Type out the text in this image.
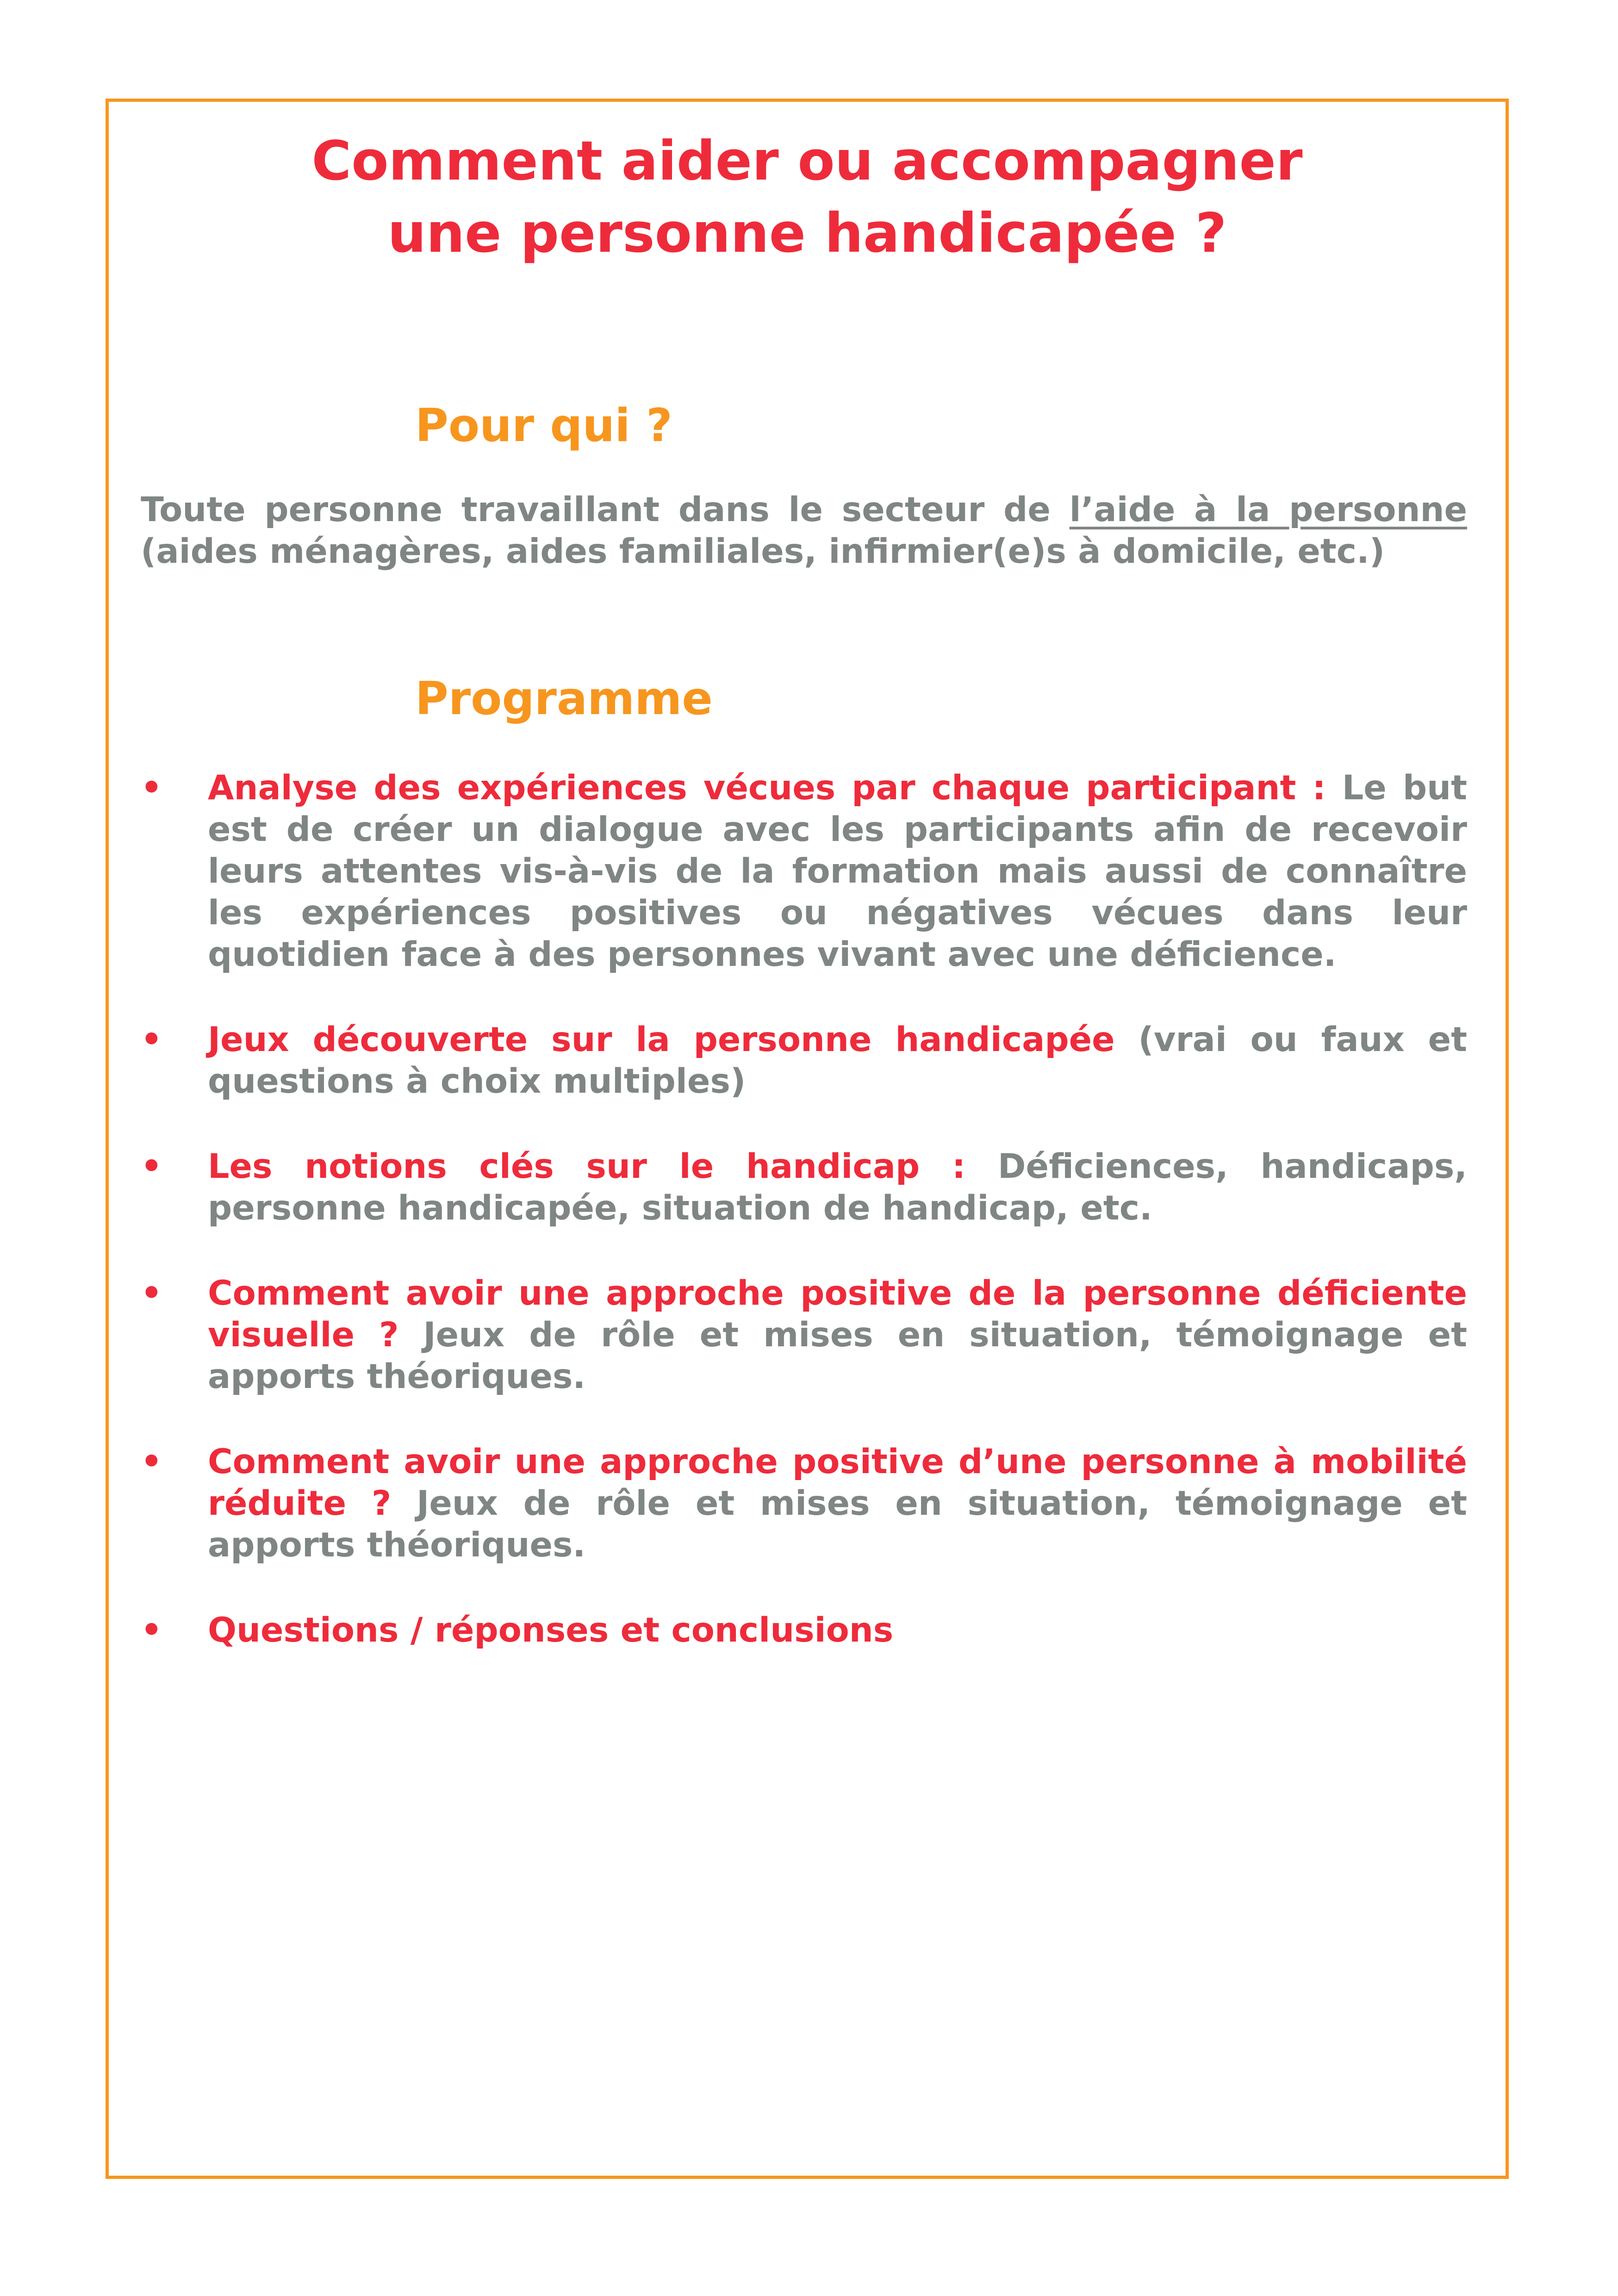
Comment aider ou accompagner
une personne handicapée ?
Pour qui ?

Toute personne travaillant dans le secteur de l’aide à la personne
(aides ménagères, aides familiales, infirmier(e)s à domicile, etc.)

Programme
• Analyse des expériences vécues par chaque participant : Le but est de créer un dialogue avec les participants afin de recevoir leurs attentes vis-à-vis de la formation mais aussi de connaître les expériences positives ou négatives vécues dans leur quotidien face à des personnes vivant avec une déficience.
• Jeux découverte sur la personne handicapée (vrai ou faux et questions à choix multiples)
• Les notions clés sur le handicap : Déficiences, handicaps, personne handicapée, situation de handicap, etc.
• Comment avoir une approche positive de la personne déficiente visuelle ? Jeux de rôle et mises en situation, témoignage et apports théoriques.
• Comment avoir une approche positive d’une personne à mobilité réduite ? Jeux de rôle et mises en situation, témoignage et apports théoriques.
• Questions / réponses et conclusions
